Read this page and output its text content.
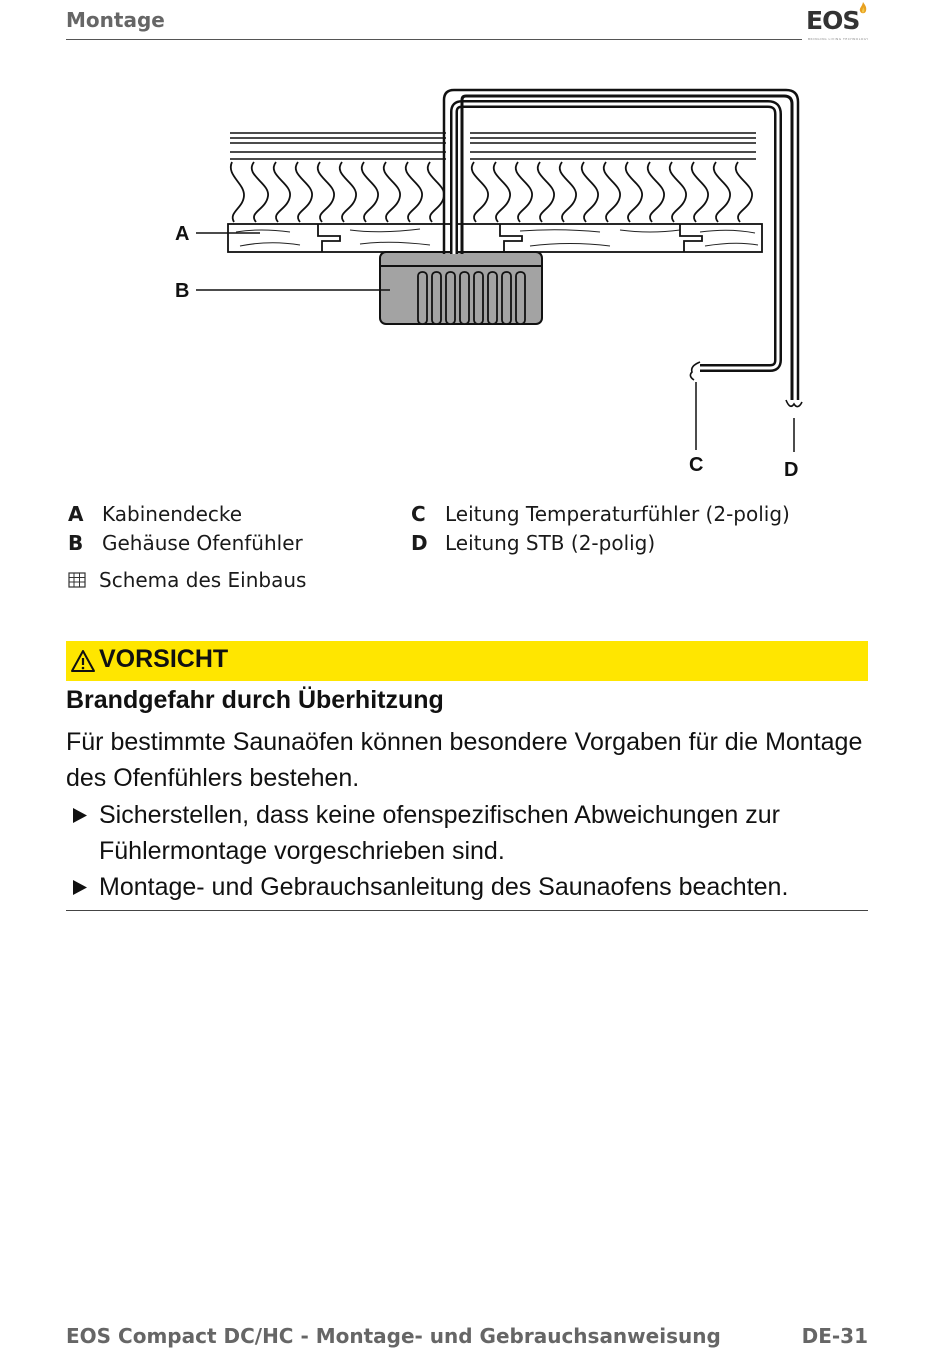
Montage	EOS
BRINGING LIVING TECHNOLOGY
A
B
C	D
A Kabinendecke
B Gehäuse Ofenfühler
C Leitung Temperaturfühler (2-polig)
D Leitung STB (2-polig)
Schema des Einbaus
VORSICHT
Brandgefahr durch Überhitzung
Für bestimmte Saunaöfen können besondere Vorgaben für die Montage des Ofenfühlers bestehen.
Sicherstellen, dass keine ofenspezifischen Abweichungen zur Fühlermontage vorgeschrieben sind.
Montage- und Gebrauchsanleitung des Saunaofens beachten.
EOS Compact DC/HC - Montage- und Gebrauchsanweisung	DE-31
